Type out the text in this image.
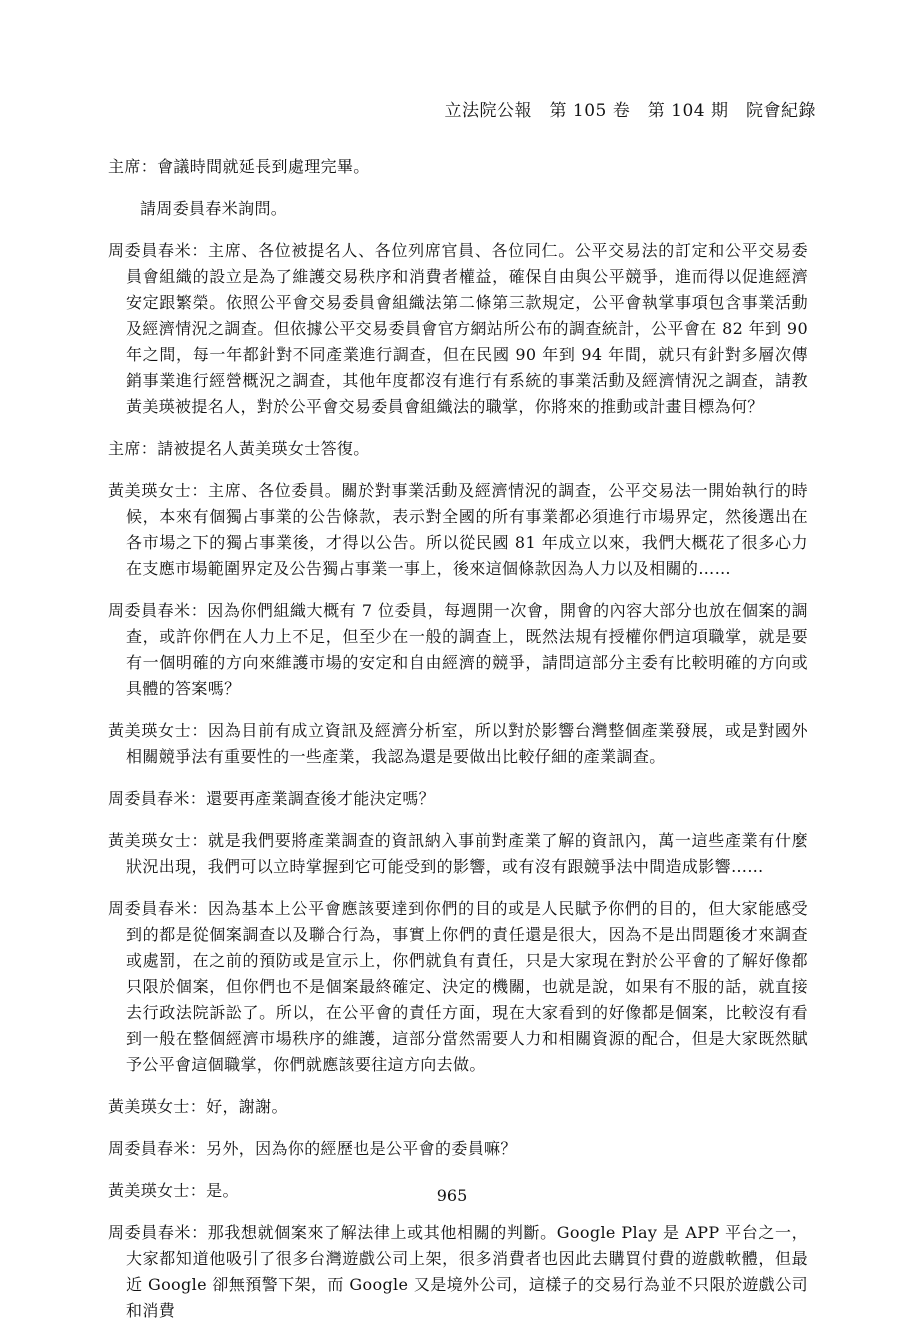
立法院公報　第 105 卷　第 104 期　院會紀錄

主席：會議時間就延長到處理完畢。

請周委員春米詢問。

周委員春米：主席、各位被提名人、各位列席官員、各位同仁。公平交易法的訂定和公平交易委員會組織的設立是為了維護交易秩序和消費者權益，確保自由與公平競爭，進而得以促進經濟安定跟繁榮。依照公平會交易委員會組織法第二條第三款規定，公平會執掌事項包含事業活動及經濟情況之調查。但依據公平交易委員會官方網站所公布的調查統計，公平會在 82 年到 90 年之間，每一年都針對不同產業進行調查，但在民國 90 年到 94 年間，就只有針對多層次傳銷事業進行經營概況之調查，其他年度都沒有進行有系統的事業活動及經濟情況之調查，請教黃美瑛被提名人，對於公平會交易委員會組織法的職掌，你將來的推動或計畫目標為何？

主席：請被提名人黃美瑛女士答復。

黃美瑛女士：主席、各位委員。關於對事業活動及經濟情況的調查，公平交易法一開始執行的時候，本來有個獨占事業的公告條款，表示對全國的所有事業都必須進行市場界定，然後選出在各市場之下的獨占事業後，才得以公告。所以從民國 81 年成立以來，我們大概花了很多心力在支應市場範圍界定及公告獨占事業一事上，後來這個條款因為人力以及相關的……

周委員春米：因為你們組織大概有 7 位委員，每週開一次會，開會的內容大部分也放在個案的調查，或許你們在人力上不足，但至少在一般的調查上，既然法規有授權你們這項職掌，就是要有一個明確的方向來維護市場的安定和自由經濟的競爭，請問這部分主委有比較明確的方向或具體的答案嗎？

黃美瑛女士：因為目前有成立資訊及經濟分析室，所以對於影響台灣整個產業發展，或是對國外相關競爭法有重要性的一些產業，我認為還是要做出比較仔細的產業調查。

周委員春米：還要再產業調查後才能決定嗎？

黃美瑛女士：就是我們要將產業調查的資訊納入事前對產業了解的資訊內，萬一這些產業有什麼狀況出現，我們可以立時掌握到它可能受到的影響，或有沒有跟競爭法中間造成影響……

周委員春米：因為基本上公平會應該要達到你們的目的或是人民賦予你們的目的，但大家能感受到的都是從個案調查以及聯合行為，事實上你們的責任還是很大，因為不是出問題後才來調查或處罰，在之前的預防或是宣示上，你們就負有責任，只是大家現在對於公平會的了解好像都只限於個案，但你們也不是個案最終確定、決定的機關，也就是說，如果有不服的話，就直接去行政法院訴訟了。所以，在公平會的責任方面，現在大家看到的好像都是個案，比較沒有看到一般在整個經濟市場秩序的維護，這部分當然需要人力和相關資源的配合，但是大家既然賦予公平會這個職掌，你們就應該要往這方向去做。

黃美瑛女士：好，謝謝。

周委員春米：另外，因為你的經歷也是公平會的委員嘛？

黃美瑛女士：是。

周委員春米：那我想就個案來了解法律上或其他相關的判斷。Google Play 是 APP 平台之一，大家都知道他吸引了很多台灣遊戲公司上架，很多消費者也因此去購買付費的遊戲軟體，但最近 Google 卻無預警下架，而 Google 又是境外公司，這樣子的交易行為並不只限於遊戲公司和消費

965
